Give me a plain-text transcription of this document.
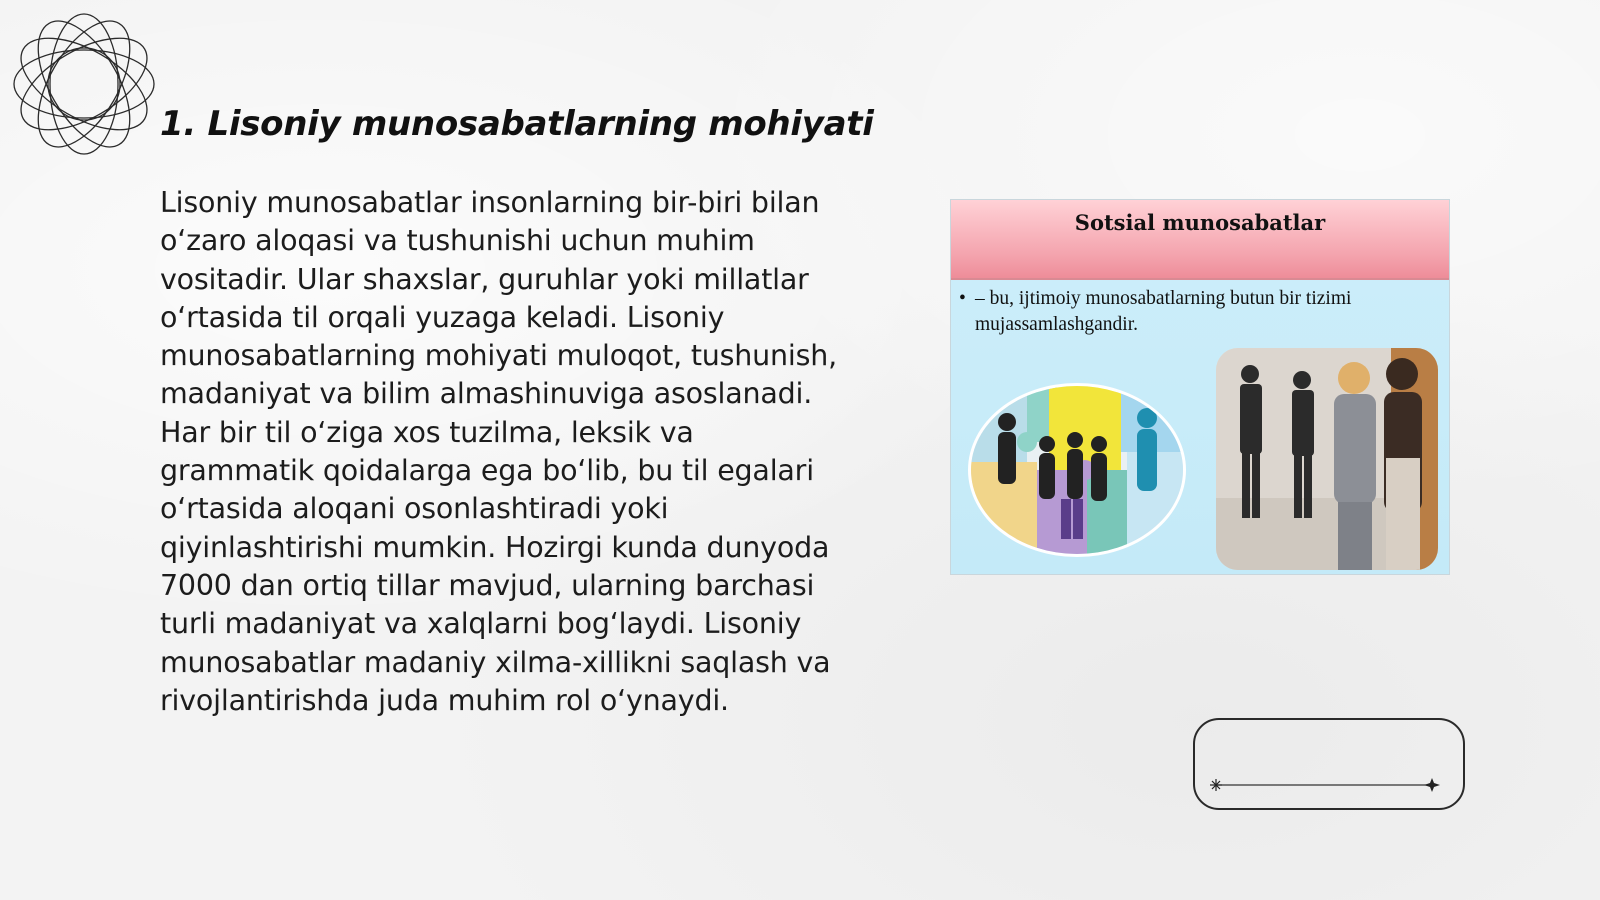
1. Lisoniy munosabatlarning mohiyati

Lisoniy munosabatlar insonlarning bir-biri bilan o‘zaro aloqasi va tushunishi uchun muhim vositadir. Ular shaxslar, guruhlar yoki millatlar o‘rtasida til orqali yuzaga keladi. Lisoniy munosabatlarning mohiyati muloqot, tushunish, madaniyat va bilim almashinuviga asoslanadi. Har bir til o‘ziga xos tuzilma, leksik va grammatik qoidalarga ega bo‘lib, bu til egalari o‘rtasida aloqani osonlashtiradi yoki qiyinlashtirishi mumkin. Hozirgi kunda dunyoda 7000 dan ortiq tillar mavjud, ularning barchasi turli madaniyat va xalqlarni bog‘laydi. Lisoniy munosabatlar madaniy xilma-xillikni saqlash va rivojlantirishda juda muhim rol o‘ynaydi.

Sotsial munosabatlar
• – bu, ijtimoiy munosabatlarning butun bir tizimi mujassamlashgandir.
